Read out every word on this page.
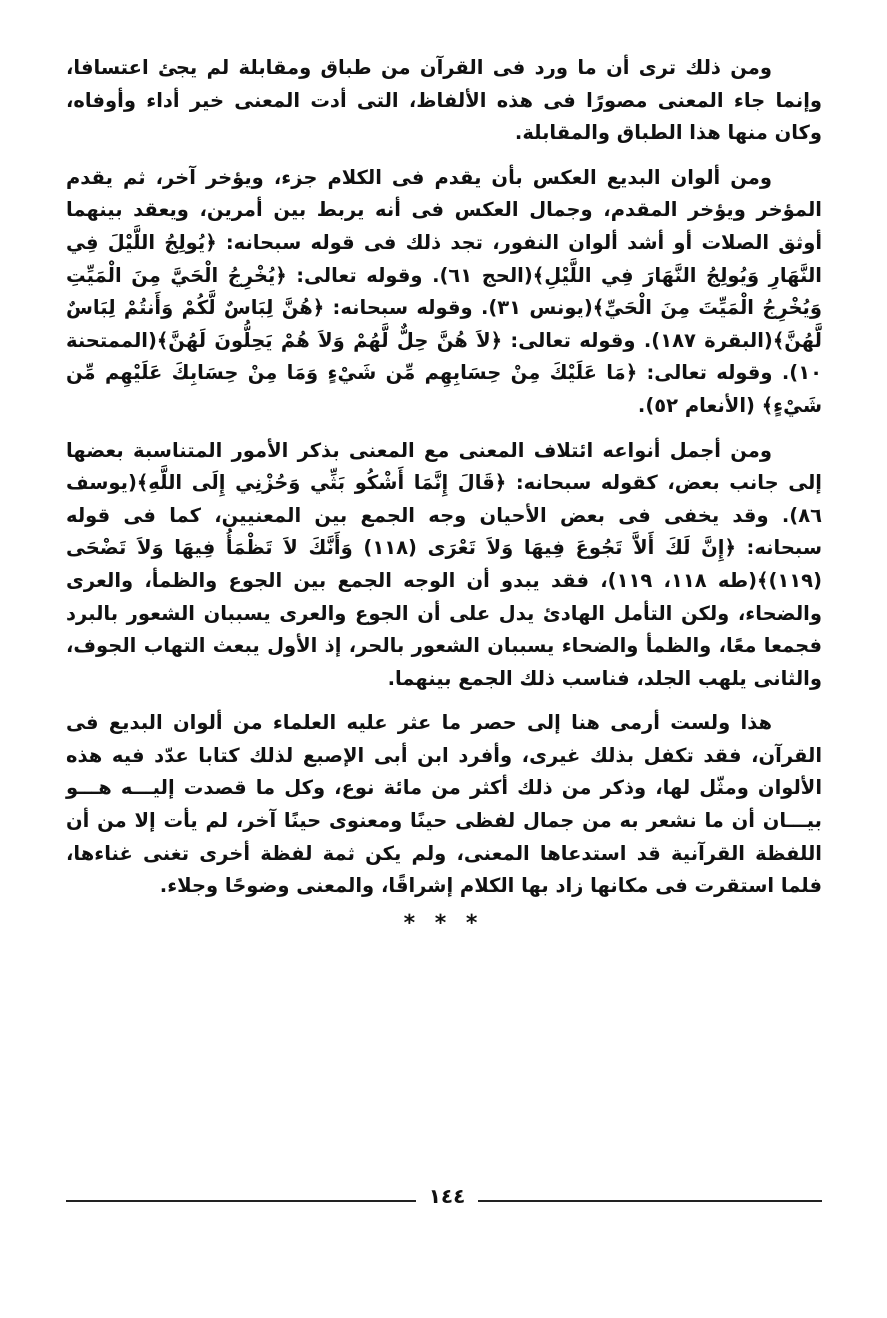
ومن ذلك ترى أن ما ورد فى القرآن من طباق ومقابلة لم يجئ اعتسافا، وإنما جاء المعنى مصورًا فى هذه الألفاظ، التى أدت المعنى خير أداء وأوفاه، وكان منها هذا الطباق والمقابلة.

ومن ألوان البديع العكس بأن يقدم فى الكلام جزء، ويؤخر آخر، ثم يقدم المؤخر ويؤخر المقدم، وجمال العكس فى أنه يربط بين أمرين، ويعقد بينهما أوثق الصلات أو أشد ألوان النفور، تجد ذلك فى قوله سبحانه: ﴿يُولِجُ اللَّيْلَ فِي النَّهَارِ وَيُولِجُ النَّهَارَ فِي اللَّيْلِ﴾(الحج ٦١). وقوله تعالى: ﴿يُخْرِجُ الْحَيَّ مِنَ الْمَيِّتِ وَيُخْرِجُ الْمَيِّتَ مِنَ الْحَيِّ﴾(يونس ٣١). وقوله سبحانه: ﴿هُنَّ لِبَاسٌ لَّكُمْ وَأَنتُمْ لِبَاسٌ لَّهُنَّ﴾(البقرة ١٨٧). وقوله تعالى: ﴿لاَ هُنَّ حِلٌّ لَّهُمْ وَلاَ هُمْ يَحِلُّونَ لَهُنَّ﴾(الممتحنة ١٠). وقوله تعالى: ﴿مَا عَلَيْكَ مِنْ حِسَابِهِم مِّن شَيْءٍ وَمَا مِنْ حِسَابِكَ عَلَيْهِم مِّن شَيْءٍ﴾ (الأنعام ٥٢).

ومن أجمل أنواعه ائتلاف المعنى مع المعنى بذكر الأمور المتناسبة بعضها إلى جانب بعض، كقوله سبحانه: ﴿قَالَ إِنَّمَا أَشْكُو بَثِّي وَحُزْنِي إِلَى اللَّهِ﴾(يوسف ٨٦). وقد يخفى فى بعض الأحيان وجه الجمع بين المعنيين، كما فى قوله سبحانه: ﴿إِنَّ لَكَ أَلاَّ تَجُوعَ فِيهَا وَلاَ تَعْرَى (١١٨) وَأَنَّكَ لاَ تَظْمَأُ فِيهَا وَلاَ تَضْحَى (١١٩)﴾(طه ١١٨، ١١٩)، فقد يبدو أن الوجه الجمع بين الجوع والظمأ، والعرى والضحاء، ولكن التأمل الهادئ يدل على أن الجوع والعرى يسببان الشعور بالبرد فجمعا معًا، والظمأ والضحاء يسببان الشعور بالحر، إذ الأول يبعث التهاب الجوف، والثانى يلهب الجلد، فناسب ذلك الجمع بينهما.

هذا ولست أرمى هنا إلى حصر ما عثر عليه العلماء من ألوان البديع فى القرآن، فقد تكفل بذلك غيرى، وأفرد ابن أبى الإصبع لذلك كتابا عدّد فيه هذه الألوان ومثّل لها، وذكر من ذلك أكثر من مائة نوع، وكل ما قصدت إليـــه هـــو بيـــان أن ما نشعر به من جمال لفظى حينًا ومعنوى حينًا آخر، لم يأت إلا من أن اللفظة القرآنية قد استدعاها المعنى، ولم يكن ثمة لفظة أخرى تغنى غناءها، فلما استقرت فى مكانها زاد بها الكلام إشراقًا، والمعنى وضوحًا وجلاء.

* * *
١٤٤
